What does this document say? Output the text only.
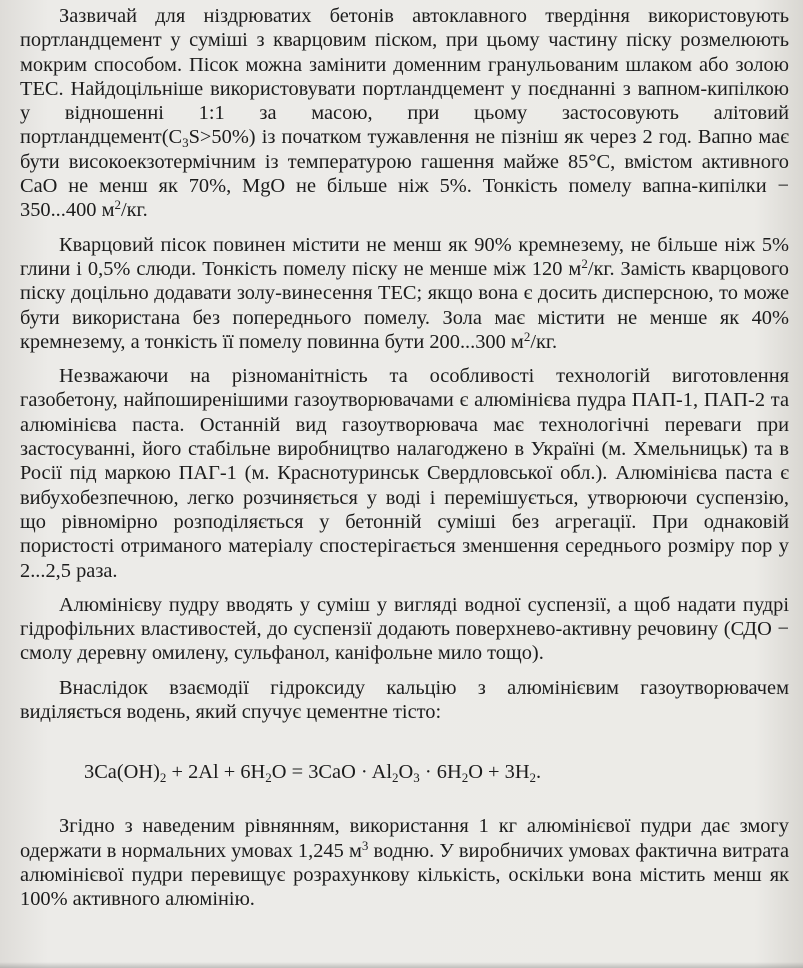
Зазвичай для ніздрюватих бетонів автоклавного твердіння використовують портландцемент у суміші з кварцовим піском, при цьому частину піску розмелюють мокрим способом. Пісок можна замінити доменним гранульованим шлаком або золою ТЕС. Найдоцільніше використовувати портландцемент у поєднанні з вапном-кипілкою у відношенні 1:1 за масою, при цьому застосовують алітовий $портландцемент(C_3S>50\%)$ із початком тужавлення не пізніш як через 2 год. Вапно має бути високоекзотермічним із температурою гашення майже 85°С, вмістом активного CaO не менш як 70%, MgO не більше ніж 5%. Тонкість помелу вапна-кипілки − 350...400 $м^2/кг$.

Кварцовий пісок повинен містити не менш як 90% кремнезему, не більше ніж 5% глини і 0,5% слюди. Тонкість помелу піску не менше між 120 $м^2/кг$. Замість кварцового піску доцільно додавати золу-винесення ТЕС; якщо вона є досить дисперсною, то може бути використана без попереднього помелу. Зола має містити не менше як 40% кремнезему, а тонкість її помелу повинна бути 200...300 $м^2/кг$.

Незважаючи на різноманітність та особливості технологій виготовлення газобетону, найпоширенішими газоутворювачами є алюмінієва пудра ПАП-1, ПАП-2 та алюмінієва паста. Останній вид газоутворювача має технологічні переваги при застосуванні, його стабільне виробництво налагоджено в Україні (м. Хмельницьк) та в Росії під маркою ПАГ-1 (м. Краснотуринськ Свердловської обл.). Алюмінієва паста є вибухобезпечною, легко розчиняється у воді і перемішується, утворюючи суспензію, що рівномірно розподіляється у бетонній суміші без агрегації. При однаковій пористості отриманого матеріалу спостерігається зменшення середнього розміру пор у 2...2,5 раза.

Алюмінієву пудру вводять у суміш у вигляді водної суспензії, а щоб надати пудрі гідрофільних властивостей, до суспензії додають поверхнево-активну речовину (СДО − смолу деревну омилену, сульфанол, каніфольне мило тощо).

Внаслідок взаємодії гідроксиду кальцію з алюмінієвим газоутворювачем виділяється водень, який спучує цементне тісто:

$3Ca(OH)_2 + 2Al + 6H_2O = 3CaO \cdot Al_2O_3 \cdot 6H_2O + 3H_2$.

Згідно з наведеним рівнянням, використання 1 кг алюмінієвої пудри дає змогу одержати в нормальних умовах 1,245 $м^3$ водню. У виробничих умовах фактична витрата алюмінієвої пудри перевищує розрахункову кількість, оскільки вона містить менш як 100% активного алюмінію.
